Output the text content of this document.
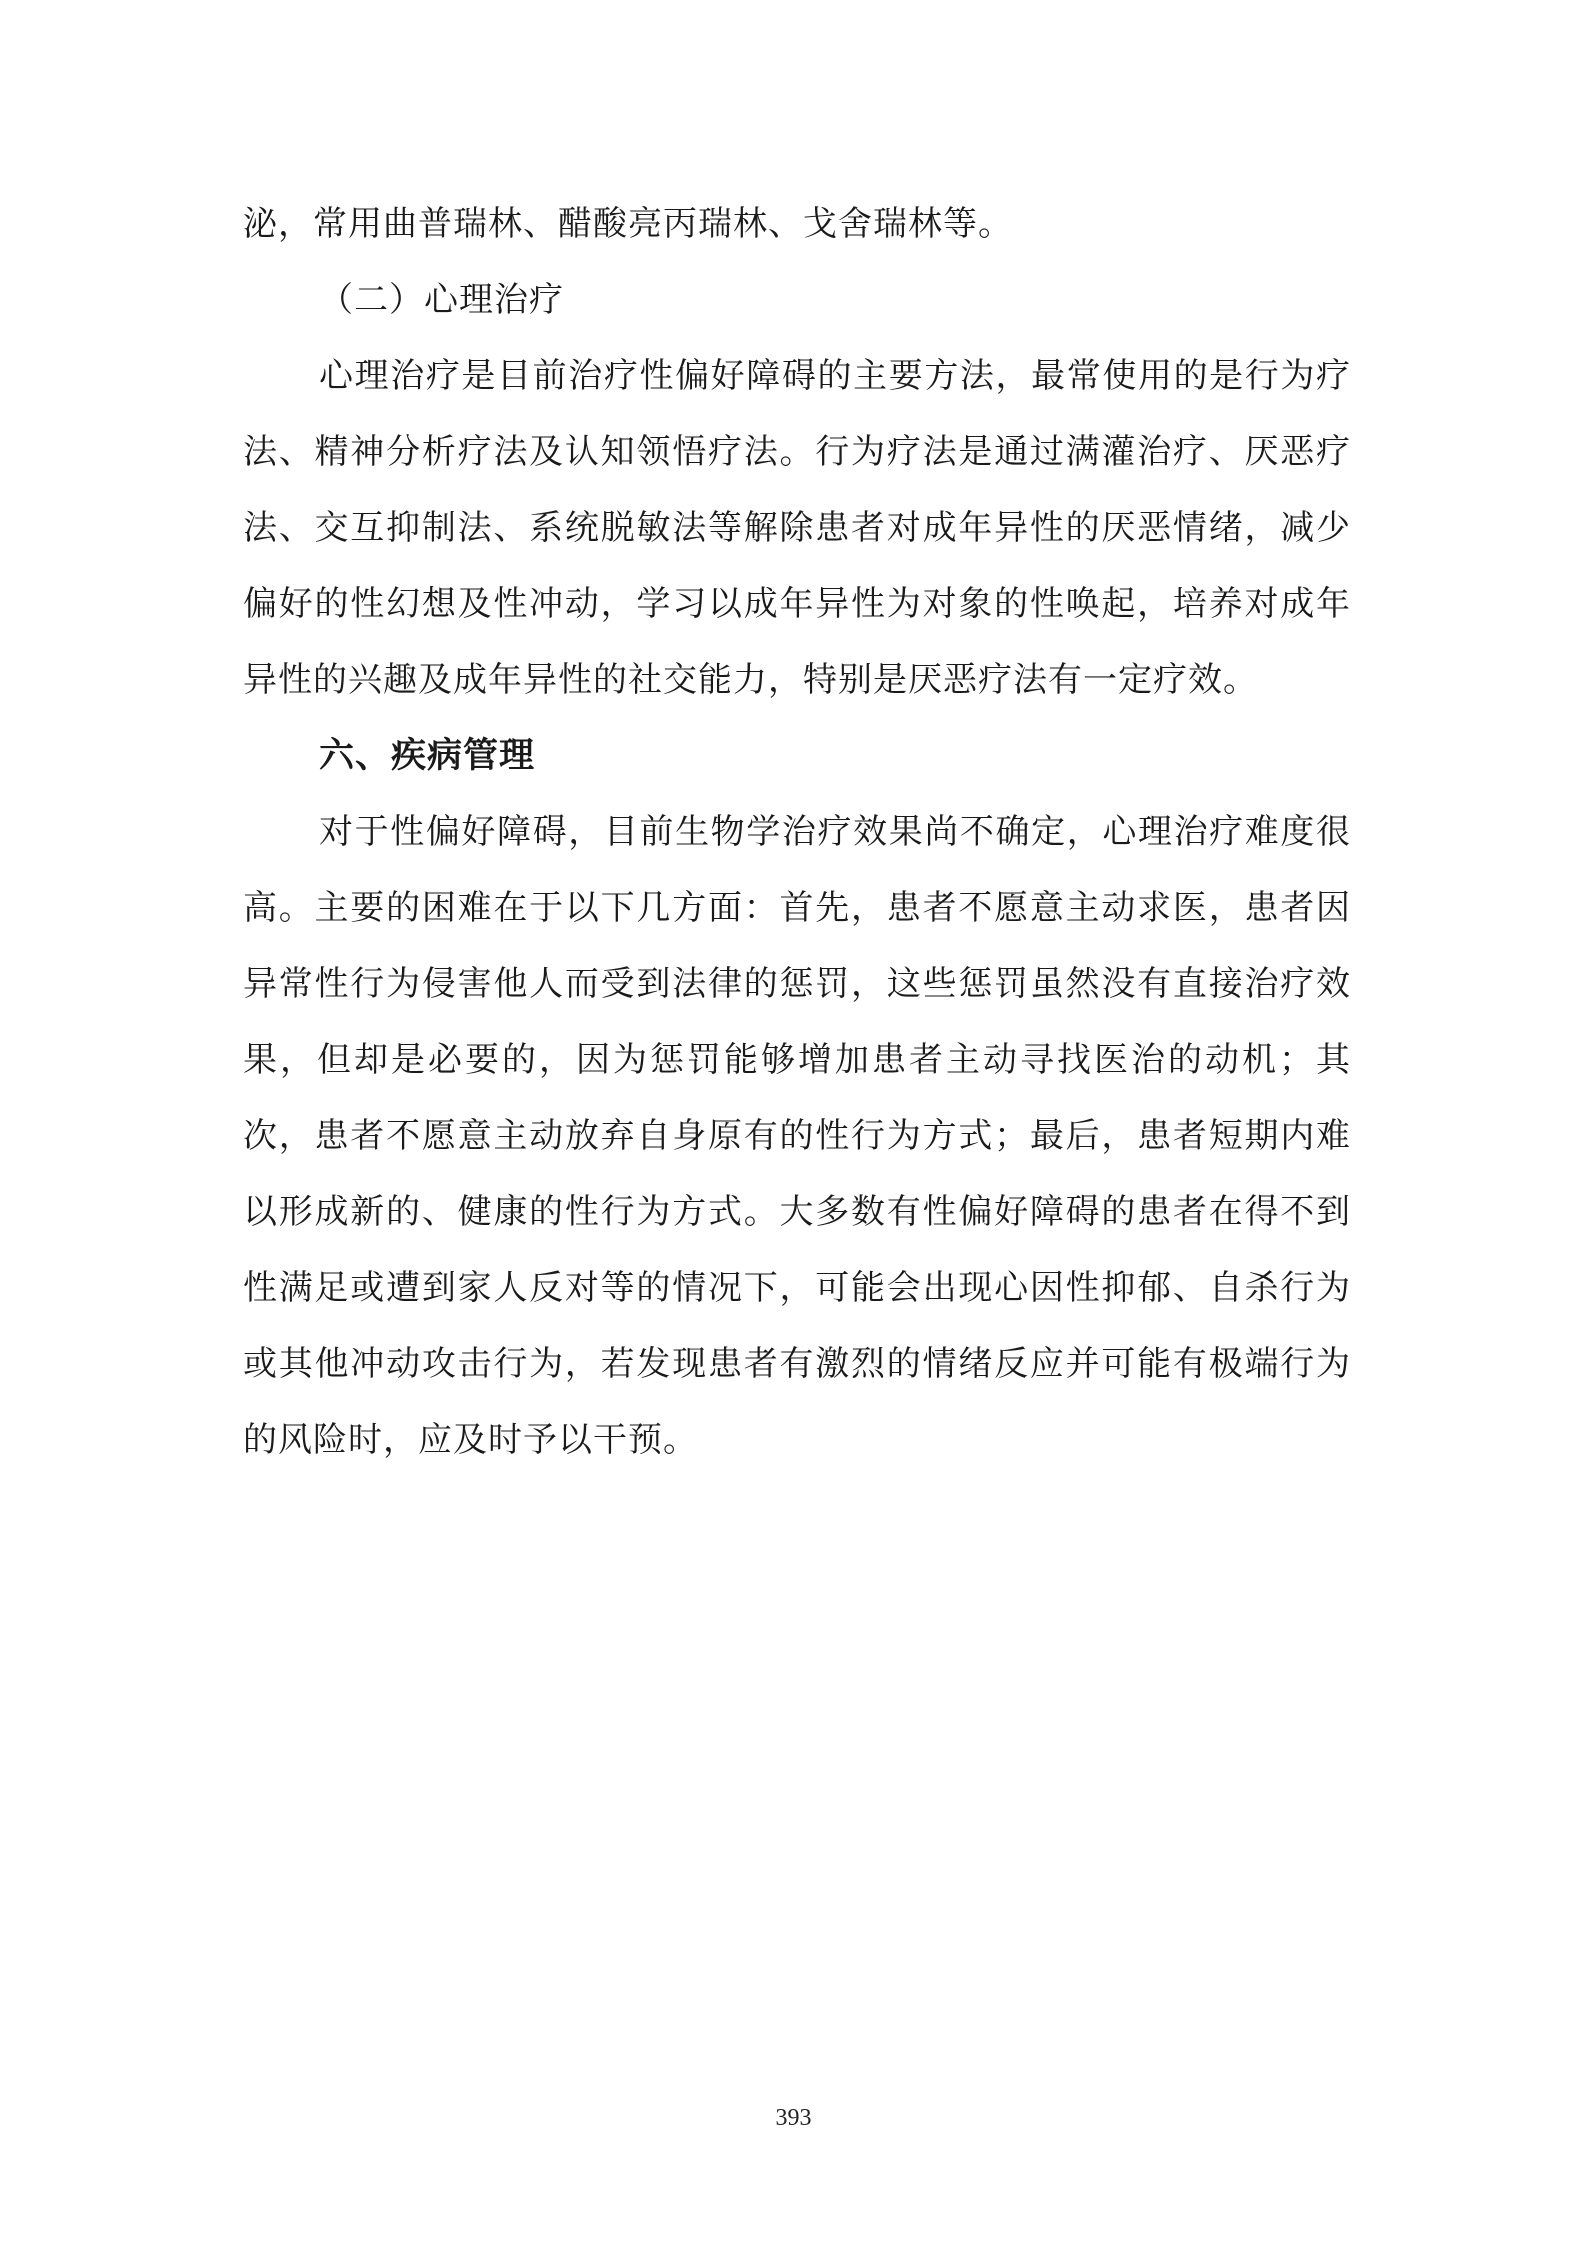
泌，常用曲普瑞林、醋酸亮丙瑞林、戈舍瑞林等。

（二）心理治疗

心理治疗是目前治疗性偏好障碍的主要方法，最常使用的是行为疗法、精神分析疗法及认知领悟疗法。行为疗法是通过满灌治疗、厌恶疗法、交互抑制法、系统脱敏法等解除患者对成年异性的厌恶情绪，减少偏好的性幻想及性冲动，学习以成年异性为对象的性唤起，培养对成年异性的兴趣及成年异性的社交能力，特别是厌恶疗法有一定疗效。

六、疾病管理

对于性偏好障碍，目前生物学治疗效果尚不确定，心理治疗难度很高。主要的困难在于以下几方面：首先，患者不愿意主动求医，患者因异常性行为侵害他人而受到法律的惩罚，这些惩罚虽然没有直接治疗效果，但却是必要的，因为惩罚能够增加患者主动寻找医治的动机；其次，患者不愿意主动放弃自身原有的性行为方式；最后，患者短期内难以形成新的、健康的性行为方式。大多数有性偏好障碍的患者在得不到性满足或遭到家人反对等的情况下，可能会出现心因性抑郁、自杀行为或其他冲动攻击行为，若发现患者有激烈的情绪反应并可能有极端行为的风险时，应及时予以干预。

393
